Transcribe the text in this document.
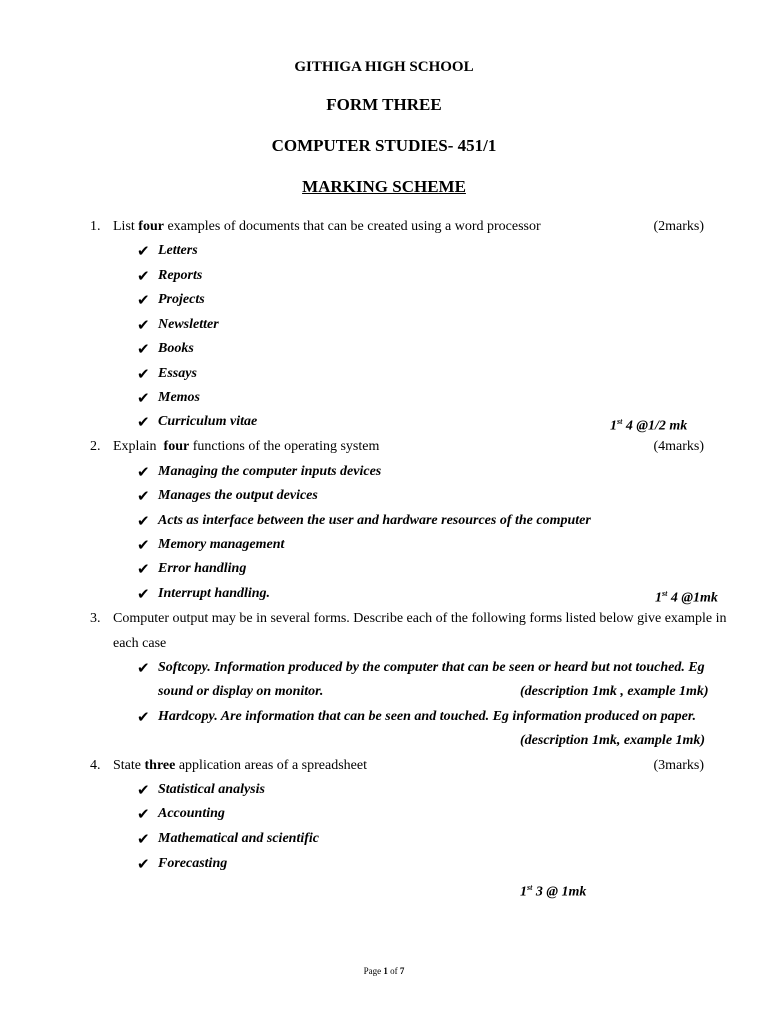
GITHIGA HIGH SCHOOL
FORM THREE
COMPUTER STUDIES- 451/1
MARKING SCHEME
1. List four examples of documents that can be created using a word processor	(2marks)
✔ Letters
✔ Reports
✔ Projects
✔ Newsletter
✔ Books
✔ Essays
✔ Memos
✔ Curriculum vitae	1st 4 @1/2 mk
2. Explain  four functions of the operating system	(4marks)
✔ Managing the computer inputs devices
✔ Manages the output devices
✔ Acts as interface between the user and hardware resources of the computer
✔ Memory management
✔ Error handling
✔ Interrupt handling.	1st 4 @1mk
3. Computer output may be in several forms. Describe each of the following forms listed below give example in
each case
✔ Softcopy. Information produced by the computer that can be seen or heard but not touched. Eg
sound or display on monitor.	(description 1mk , example 1mk)
✔ Hardcopy. Are information that can be seen and touched. Eg information produced on paper.
(description 1mk, example 1mk)
4. State three application areas of a spreadsheet	(3marks)
✔ Statistical analysis
✔ Accounting
✔ Mathematical and scientific
✔ Forecasting
1st 3 @ 1mk
Page 1 of 7
